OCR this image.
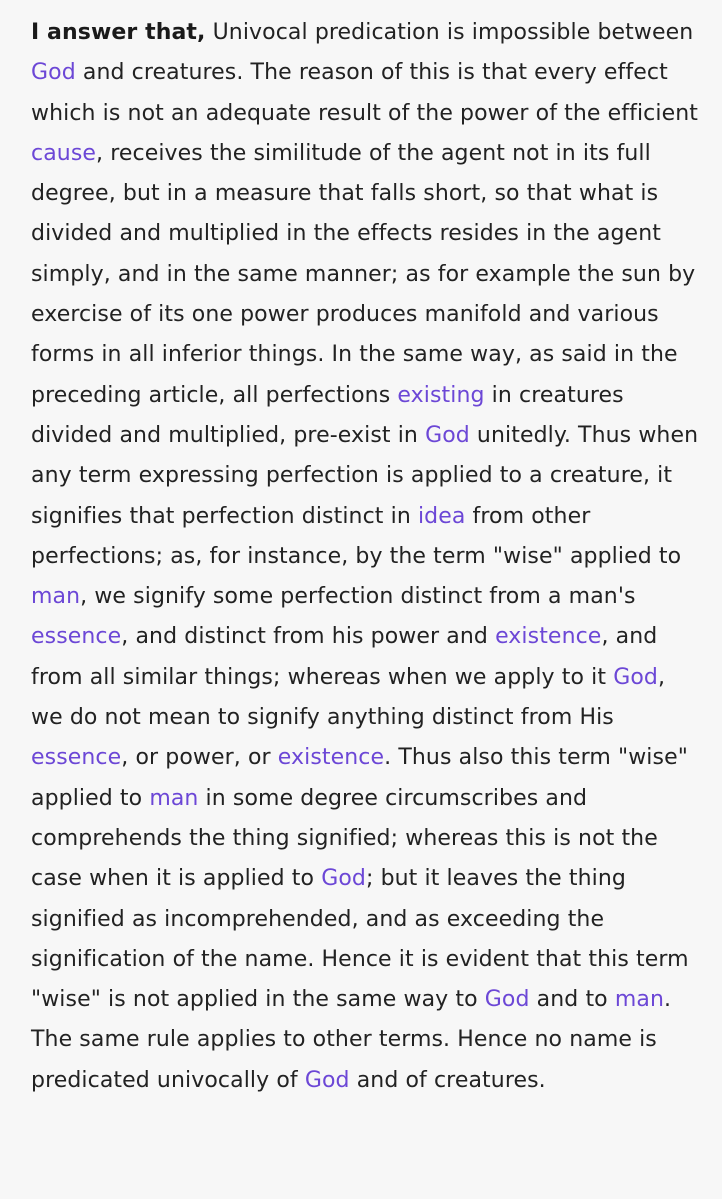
I answer that, Univocal predication is impossible between God and creatures. The reason of this is that every effect which is not an adequate result of the power of the efficient cause, receives the similitude of the agent not in its full degree, but in a measure that falls short, so that what is divided and multiplied in the effects resides in the agent simply, and in the same manner; as for example the sun by exercise of its one power produces manifold and various forms in all inferior things. In the same way, as said in the preceding article, all perfections existing in creatures divided and multiplied, pre-exist in God unitedly. Thus when any term expressing perfection is applied to a creature, it signifies that perfection distinct in idea from other perfections; as, for instance, by the term "wise" applied to man, we signify some perfection distinct from a man's essence, and distinct from his power and existence, and from all similar things; whereas when we apply to it God, we do not mean to signify anything distinct from His essence, or power, or existence. Thus also this term "wise" applied to man in some degree circumscribes and comprehends the thing signified; whereas this is not the case when it is applied to God; but it leaves the thing signified as incomprehended, and as exceeding the signification of the name. Hence it is evident that this term "wise" is not applied in the same way to God and to man. The same rule applies to other terms. Hence no name is predicated univocally of God and of creatures.
